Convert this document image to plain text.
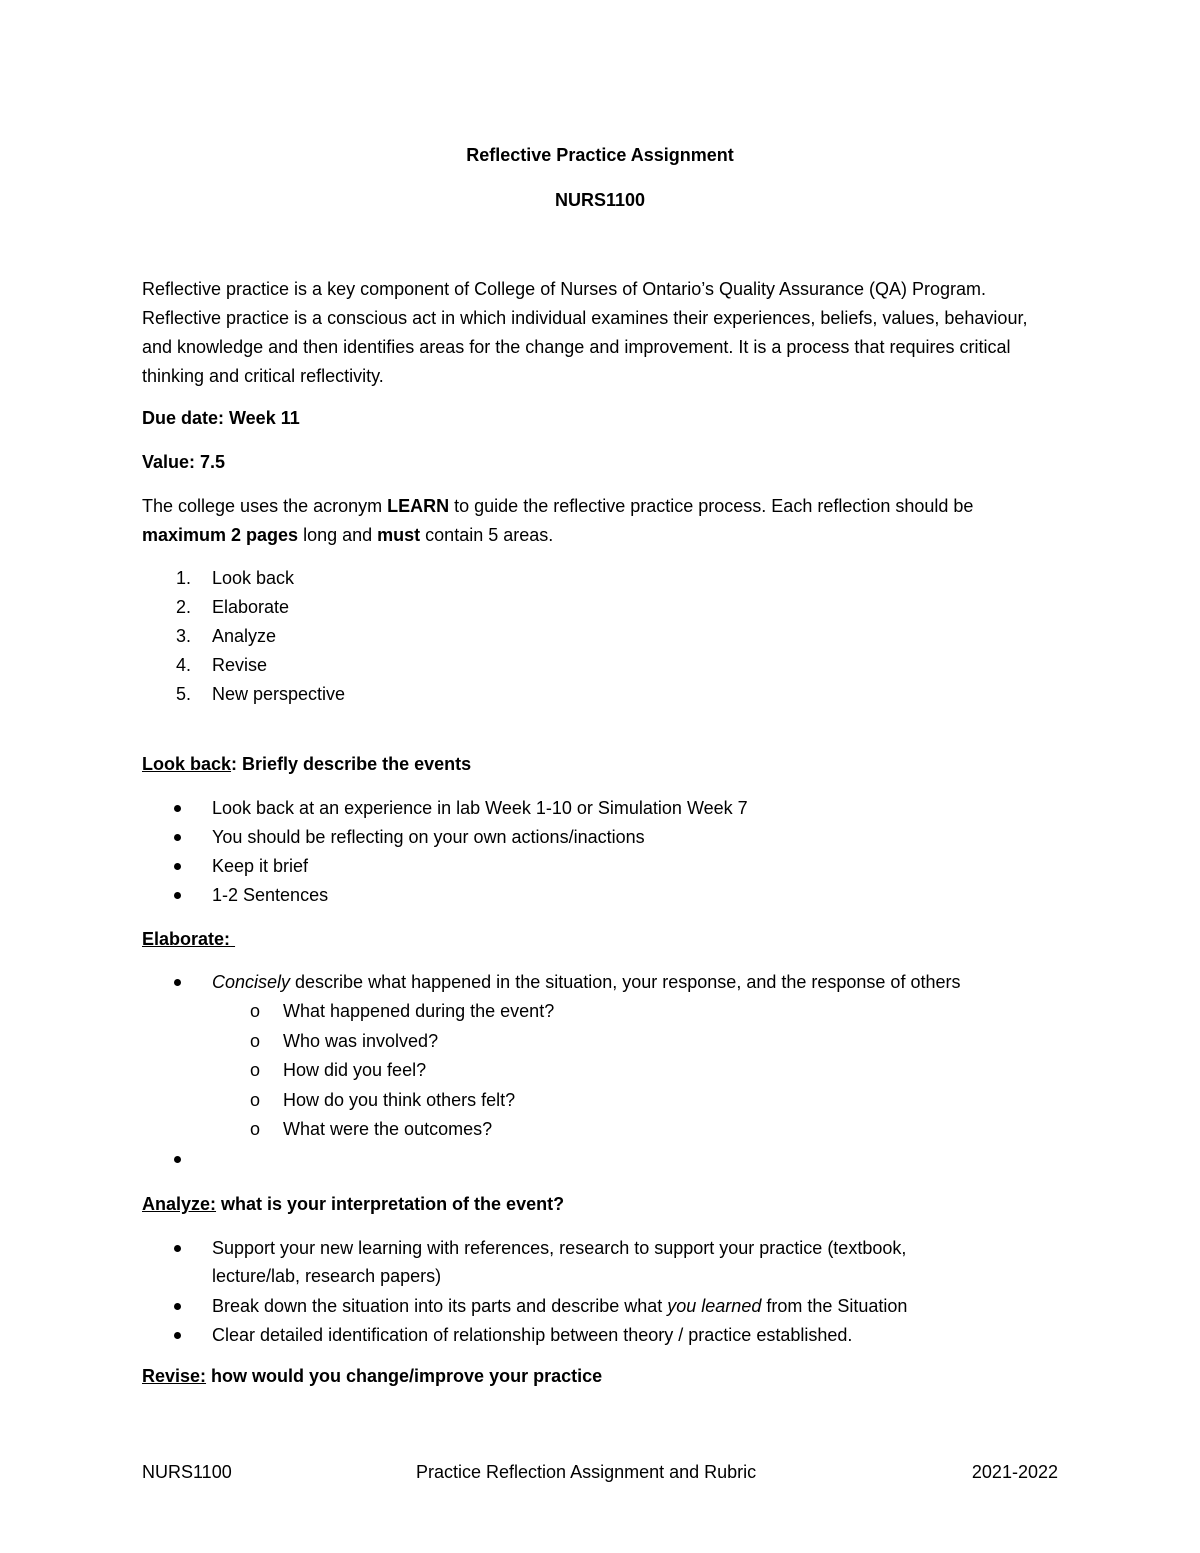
Reflective Practice Assignment
NURS1100
Reflective practice is a key component of College of Nurses of Ontario’s Quality Assurance (QA) Program. Reflective practice is a conscious act in which individual examines their experiences, beliefs, values, behaviour, and knowledge and then identifies areas for the change and improvement. It is a process that requires critical thinking and critical reflectivity.
Due date: Week 11
Value: 7.5
The college uses the acronym LEARN to guide the reflective practice process. Each reflection should be maximum 2 pages long and must contain 5 areas.
1. Look back
2. Elaborate
3. Analyze
4. Revise
5. New perspective
Look back: Briefly describe the events
Look back at an experience in lab Week 1-10 or Simulation Week 7
You should be reflecting on your own actions/inactions
Keep it brief
1-2 Sentences
Elaborate:
Concisely describe what happened in the situation, your response, and the response of others
o What happened during the event?
o Who was involved?
o How did you feel?
o How do you think others felt?
o What were the outcomes?
Analyze: what is your interpretation of the event?
Support your new learning with references, research to support your practice (textbook,
lecture/lab, research papers)
Break down the situation into its parts and describe what you learned from the Situation
Clear detailed identification of relationship between theory / practice established.
Revise: how would you change/improve your practice
NURS1100	Practice Reflection Assignment and Rubric	2021-2022
